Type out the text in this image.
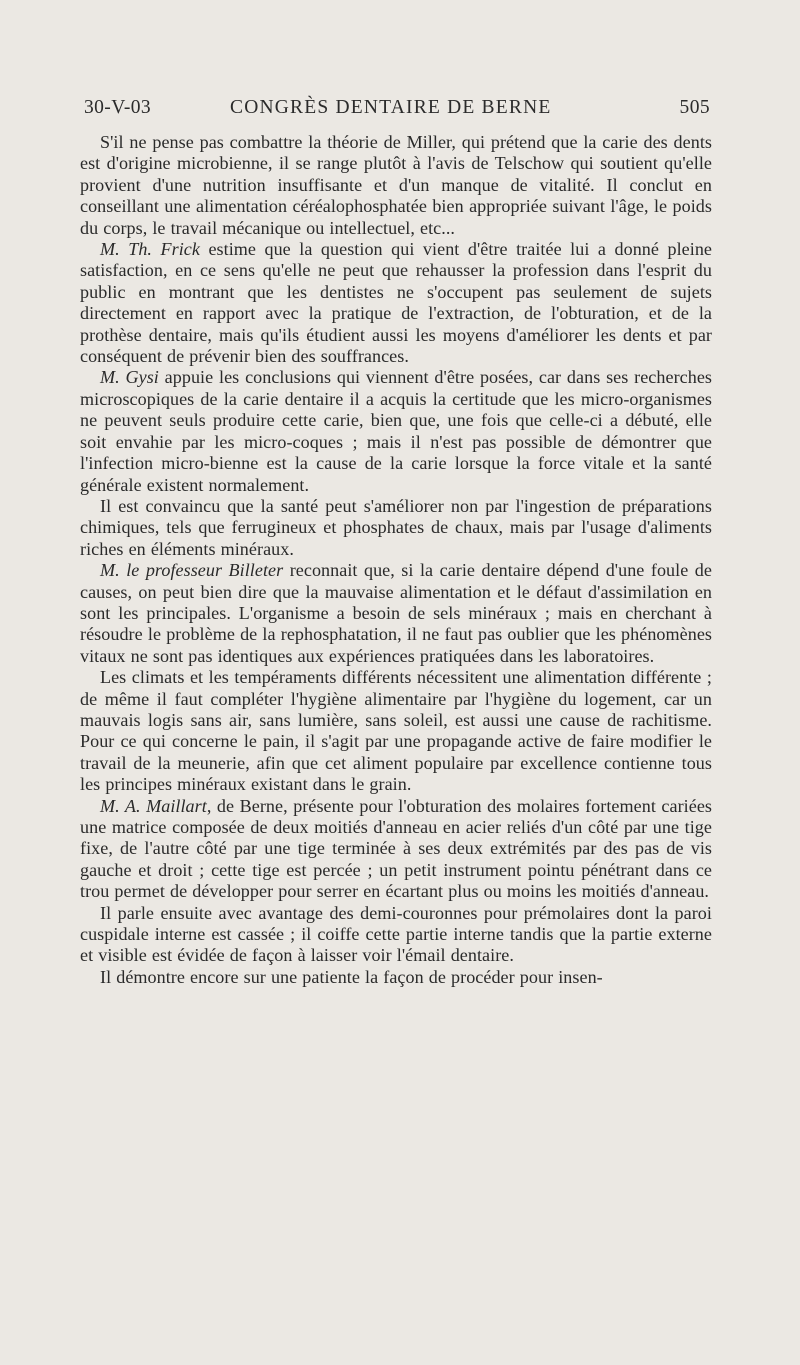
30-V-03	CONGRÈS DENTAIRE DE BERNE	505

S'il ne pense pas combattre la théorie de Miller, qui prétend que la carie des dents est d'origine microbienne, il se range plutôt à l'avis de Telschow qui soutient qu'elle provient d'une nutrition insuffisante et d'un manque de vitalité. Il conclut en conseillant une alimentation céréalophosphatée bien appropriée suivant l'âge, le poids du corps, le travail mécanique ou intellectuel, etc...

M. Th. Frick estime que la question qui vient d'être traitée lui a donné pleine satisfaction, en ce sens qu'elle ne peut que rehausser la profession dans l'esprit du public en montrant que les dentistes ne s'occupent pas seulement de sujets directement en rapport avec la pratique de l'extraction, de l'obturation, et de la prothèse dentaire, mais qu'ils étudient aussi les moyens d'améliorer les dents et par conséquent de prévenir bien des souffrances.

M. Gysi appuie les conclusions qui viennent d'être posées, car dans ses recherches microscopiques de la carie dentaire il a acquis la certitude que les micro-organismes ne peuvent seuls produire cette carie, bien que, une fois que celle-ci a débuté, elle soit envahie par les micro-coques ; mais il n'est pas possible de démontrer que l'infection micro-bienne est la cause de la carie lorsque la force vitale et la santé générale existent normalement.

Il est convaincu que la santé peut s'améliorer non par l'ingestion de préparations chimiques, tels que ferrugineux et phosphates de chaux, mais par l'usage d'aliments riches en éléments minéraux.

M. le professeur Billeter reconnait que, si la carie dentaire dépend d'une foule de causes, on peut bien dire que la mauvaise alimentation et le défaut d'assimilation en sont les principales. L'organisme a besoin de sels minéraux ; mais en cherchant à résoudre le problème de la rephosphatation, il ne faut pas oublier que les phénomènes vitaux ne sont pas identiques aux expériences pratiquées dans les laboratoires.

Les climats et les tempéraments différents nécessitent une alimentation différente ; de même il faut compléter l'hygiène alimentaire par l'hygiène du logement, car un mauvais logis sans air, sans lumière, sans soleil, est aussi une cause de rachitisme. Pour ce qui concerne le pain, il s'agit par une propagande active de faire modifier le travail de la meunerie, afin que cet aliment populaire par excellence contienne tous les principes minéraux existant dans le grain.

M. A. Maillart, de Berne, présente pour l'obturation des molaires fortement cariées une matrice composée de deux moitiés d'anneau en acier reliés d'un côté par une tige fixe, de l'autre côté par une tige terminée à ses deux extrémités par des pas de vis gauche et droit ; cette tige est percée ; un petit instrument pointu pénétrant dans ce trou permet de développer pour serrer en écartant plus ou moins les moitiés d'anneau.

Il parle ensuite avec avantage des demi-couronnes pour prémolaires dont la paroi cuspidale interne est cassée ; il coiffe cette partie interne tandis que la partie externe et visible est évidée de façon à laisser voir l'émail dentaire.

Il démontre encore sur une patiente la façon de procéder pour insen-
